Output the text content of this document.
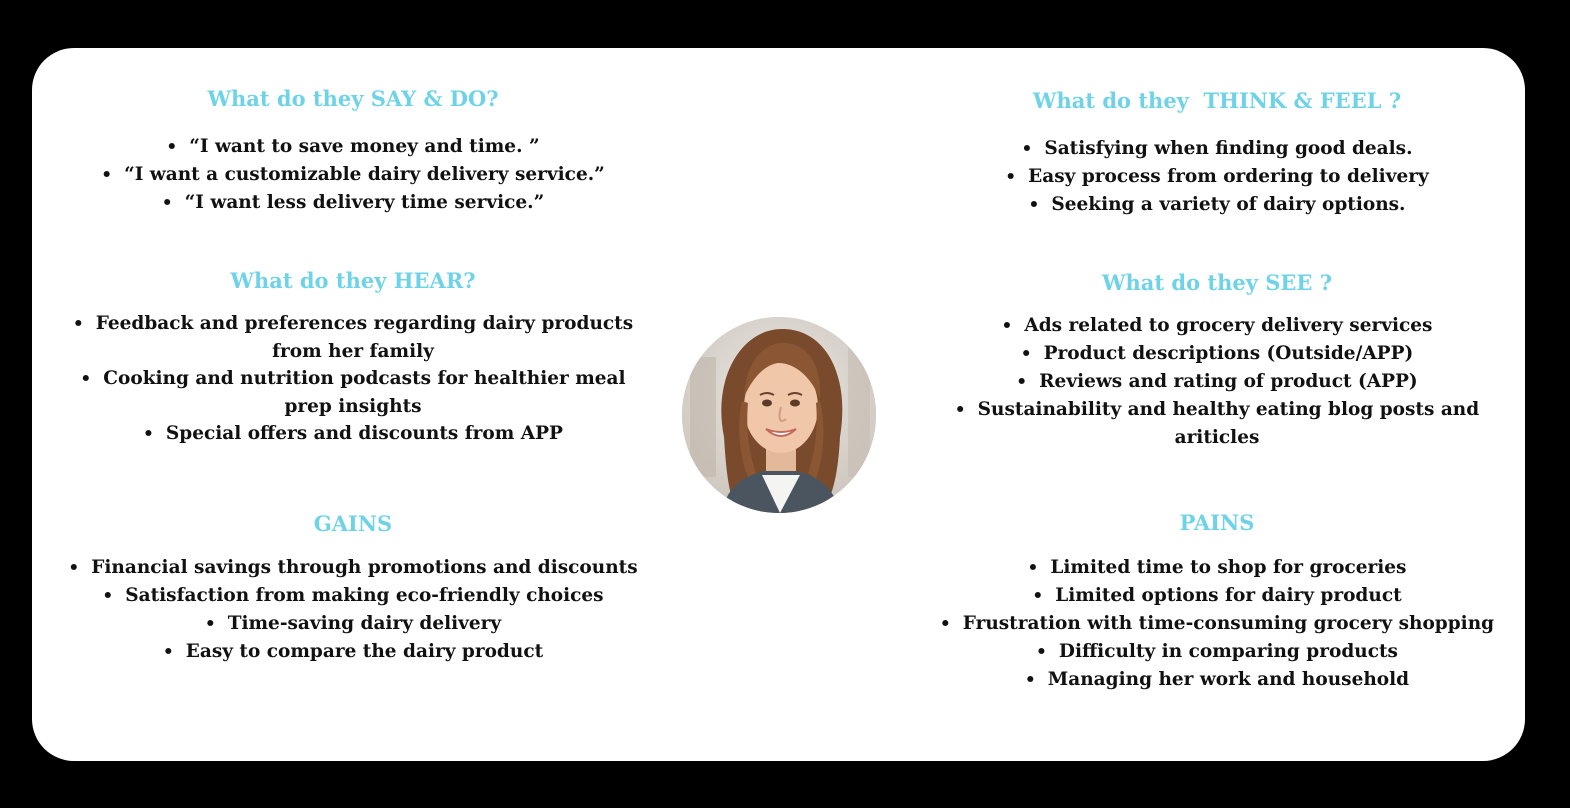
What do they SAY & DO?
• “I want to save money and time. ”
• “I want a customizable dairy delivery service.”
• “I want less delivery time service.”
What do they  THINK & FEEL ?
• Satisfying when finding good deals.
• Easy process from ordering to delivery
• Seeking a variety of dairy options.
What do they HEAR?
• Feedback and preferences regarding dairy products from her family
• Cooking and nutrition podcasts for healthier meal prep insights
• Special offers and discounts from APP
What do they SEE ?
• Ads related to grocery delivery services
• Product descriptions (Outside/APP)
• Reviews and rating of product (APP)
• Sustainability and healthy eating blog posts and ariticles
GAINS
• Financial savings through promotions and discounts
• Satisfaction from making eco-friendly choices
• Time-saving dairy delivery
• Easy to compare the dairy product
PAINS
• Limited time to shop for groceries
• Limited options for dairy product
• Frustration with time-consuming grocery shopping
• Difficulty in comparing products
• Managing her work and household
